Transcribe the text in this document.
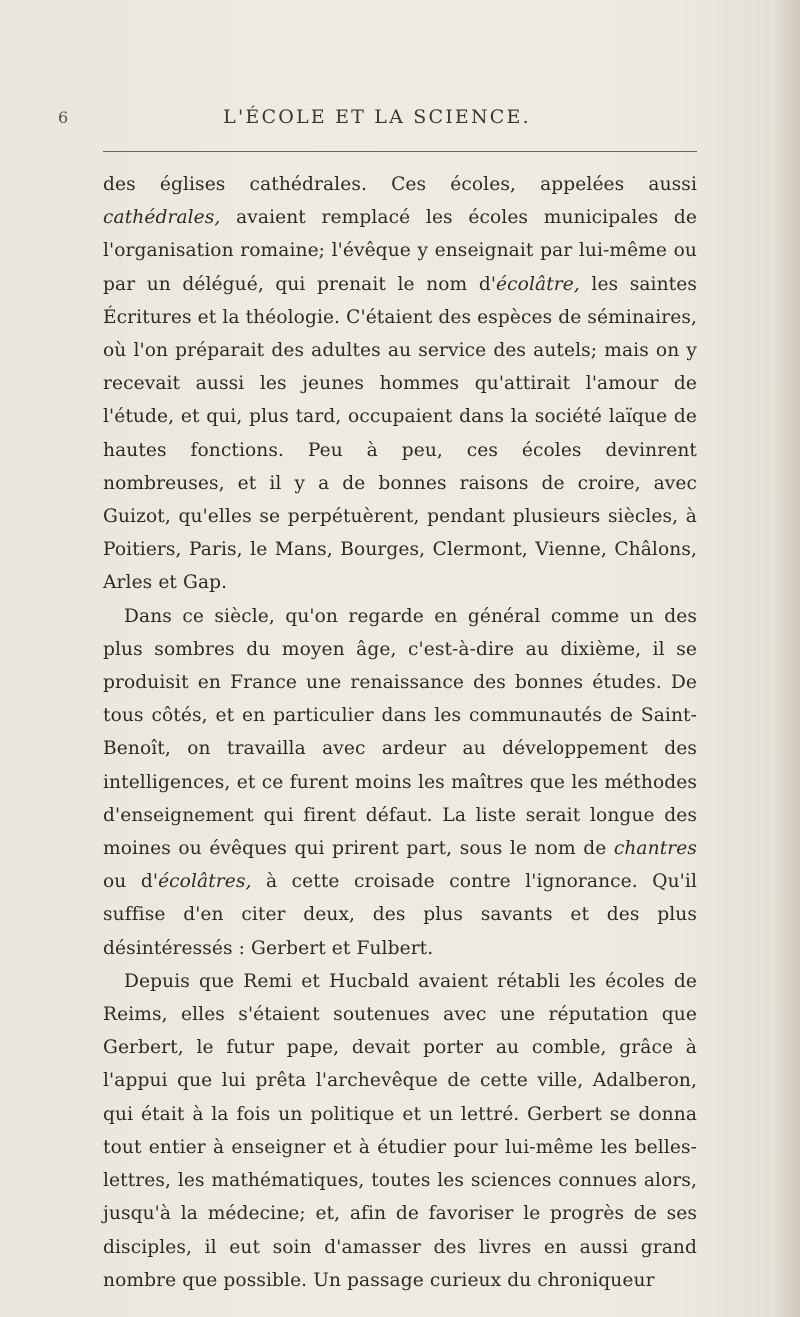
6	L'ÉCOLE ET LA SCIENCE.

des églises cathédrales. Ces écoles, appelées aussi cathédrales, avaient remplacé les écoles municipales de l'organisation romaine; l'évêque y enseignait par lui-même ou par un délégué, qui prenait le nom d'écolâtre, les saintes Écritures et la théologie. C'étaient des espèces de séminaires, où l'on préparait des adultes au service des autels; mais on y recevait aussi les jeunes hommes qu'attirait l'amour de l'étude, et qui, plus tard, occupaient dans la société laïque de hautes fonctions. Peu à peu, ces écoles devinrent nombreuses, et il y a de bonnes raisons de croire, avec Guizot, qu'elles se perpétuèrent, pendant plusieurs siècles, à Poitiers, Paris, le Mans, Bourges, Clermont, Vienne, Châlons, Arles et Gap.

Dans ce siècle, qu'on regarde en général comme un des plus sombres du moyen âge, c'est-à-dire au dixième, il se produisit en France une renaissance des bonnes études. De tous côtés, et en particulier dans les communautés de Saint-Benoît, on travailla avec ardeur au développement des intelligences, et ce furent moins les maîtres que les méthodes d'enseignement qui firent défaut. La liste serait longue des moines ou évêques qui prirent part, sous le nom de chantres ou d'écolâtres, à cette croisade contre l'ignorance. Qu'il suffise d'en citer deux, des plus savants et des plus désintéressés : Gerbert et Fulbert.

Depuis que Remi et Hucbald avaient rétabli les écoles de Reims, elles s'étaient soutenues avec une réputation que Gerbert, le futur pape, devait porter au comble, grâce à l'appui que lui prêta l'archevêque de cette ville, Adalberon, qui était à la fois un politique et un lettré. Gerbert se donna tout entier à enseigner et à étudier pour lui-même les belles-lettres, les mathématiques, toutes les sciences connues alors, jusqu'à la médecine; et, afin de favoriser le progrès de ses disciples, il eut soin d'amasser des livres en aussi grand nombre que possible. Un passage curieux du chroniqueur
